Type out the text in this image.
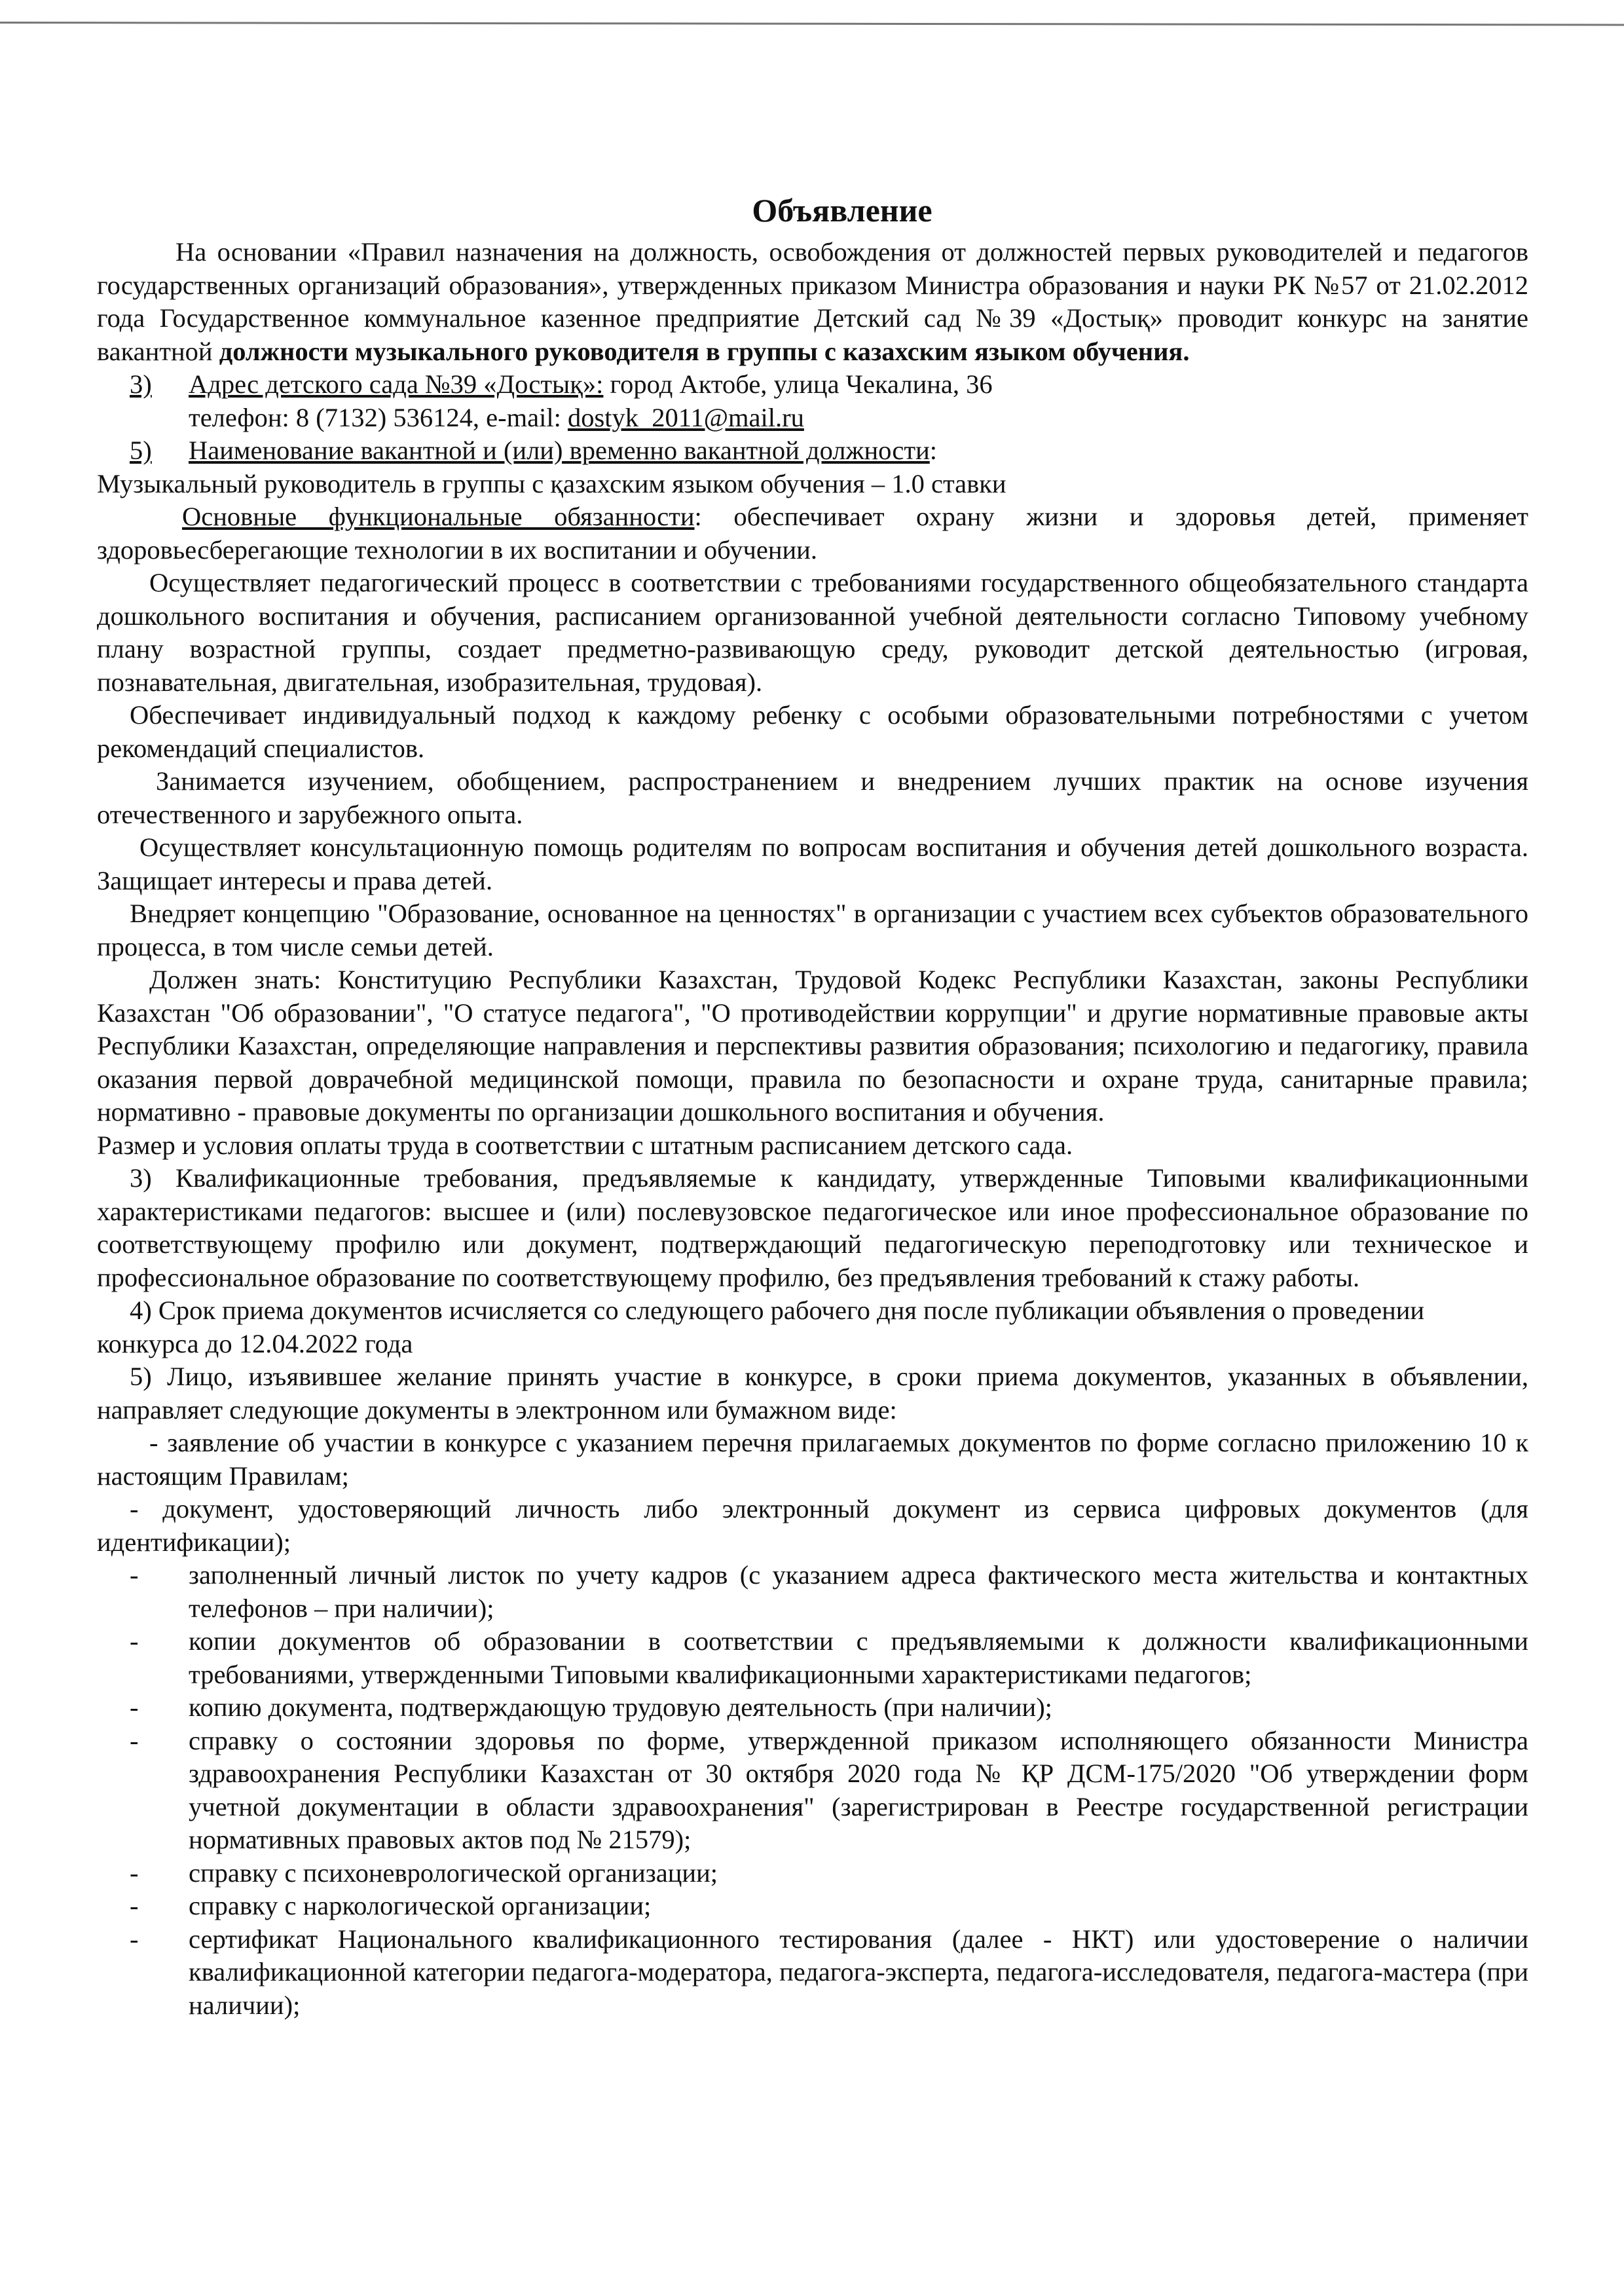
Объявление

На основании «Правил назначения на должность, освобождения от должностей первых руководителей и педагогов государственных организаций образования», утвержденных приказом Министра образования и науки РК №57 от 21.02.2012 года Государственное коммунальное казенное предприятие Детский сад №39 «Достық» проводит конкурс на занятие вакантной должности музыкального руководителя в группы с казахским языком обучения.

3)	Адрес детского сада №39 «Достық»: город Актобе, улица Чекалина, 36
телефон: 8 (7132) 536124, e-mail: dostyk_2011@mail.ru
5)	Наименование вакантной и (или) временно вакантной должности:

Музыкальный руководитель в группы с қазахским языком обучения – 1.0 ставки

Основные функциональные обязанности: обеспечивает охрану жизни и здоровья детей, применяет здоровьесберегающие технологии в их воспитании и обучении.

Осуществляет педагогический процесс в соответствии с требованиями государственного общеобязательного стандарта дошкольного воспитания и обучения, расписанием организованной учебной деятельности согласно Типовому учебному плану возрастной группы, создает предметно-развивающую среду, руководит детской деятельностью (игровая, познавательная, двигательная, изобразительная, трудовая).

Обеспечивает индивидуальный подход к каждому ребенку с особыми образовательными потребностями с учетом рекомендаций специалистов.

Занимается изучением, обобщением, распространением и внедрением лучших практик на основе изучения отечественного и зарубежного опыта.

Осуществляет консультационную помощь родителям по вопросам воспитания и обучения детей дошкольного возраста. Защищает интересы и права детей.

Внедряет концепцию "Образование, основанное на ценностях" в организации с участием всех субъектов образовательного процесса, в том числе семьи детей.

Должен знать: Конституцию Республики Казахстан, Трудовой Кодекс Республики Казахстан, законы Республики Казахстан "Об образовании", "О статусе педагога", "О противодействии коррупции" и другие нормативные правовые акты Республики Казахстан, определяющие направления и перспективы развития образования; психологию и педагогику, правила оказания первой доврачебной медицинской помощи, правила по безопасности и охране труда, санитарные правила; нормативно - правовые документы по организации дошкольного воспитания и обучения.

Размер и условия оплаты труда в соответствии с штатным расписанием детского сада.

3) Квалификационные требования, предъявляемые к кандидату, утвержденные Типовыми квалификационными характеристиками педагогов: высшее и (или) послевузовское педагогическое или иное профессиональное образование по соответствующему профилю или документ, подтверждающий педагогическую переподготовку или техническое и профессиональное образование по соответствующему профилю, без предъявления требований к стажу работы.

4) Срок приема документов исчисляется со следующего рабочего дня после публикации объявления о проведении конкурса до 12.04.2022 года

5) Лицо, изъявившее желание принять участие в конкурсе, в сроки приема документов, указанных в объявлении, направляет следующие документы в электронном или бумажном виде:

- заявление об участии в конкурсе с указанием перечня прилагаемых документов по форме согласно приложению 10 к настоящим Правилам;

- документ, удостоверяющий личность либо электронный документ из сервиса цифровых документов (для идентификации);

-	заполненный личный листок по учету кадров (с указанием адреса фактического места жительства и контактных телефонов – при наличии);
-	копии документов об образовании в соответствии с предъявляемыми к должности квалификационными требованиями, утвержденными Типовыми квалификационными характеристиками педагогов;
-	копию документа, подтверждающую трудовую деятельность (при наличии);
-	справку о состоянии здоровья по форме, утвержденной приказом исполняющего обязанности Министра здравоохранения Республики Казахстан от 30 октября 2020 года № ҚР ДСМ-175/2020 "Об утверждении форм учетной документации в области здравоохранения" (зарегистрирован в Реестре государственной регистрации нормативных правовых актов под № 21579);
-	справку с психоневрологической организации;
-	справку с наркологической организации;
-	сертификат Национального квалификационного тестирования (далее - НКТ) или удостоверение о наличии квалификационной категории педагога-модератора, педагога-эксперта, педагога-исследователя, педагога-мастера (при наличии);
